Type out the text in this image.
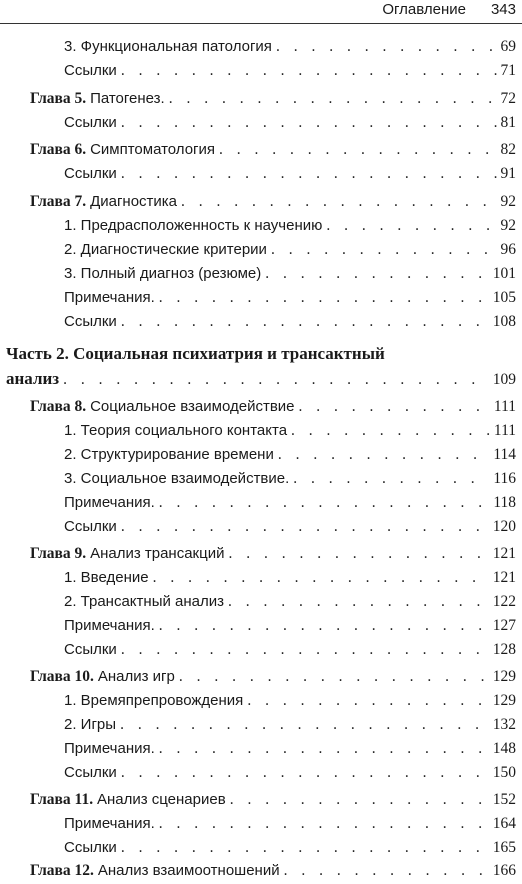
Оглавление 343
3. Функциональная патология . . .	69
Ссылки . . .	71
Глава 5. Патогенез. . . .	72
Ссылки . . .	81
Глава 6. Симптоматология . . .	82
Ссылки . . .	91
Глава 7. Диагностика . . .	92
1. Предрасположенность к научению . . .	92
2. Диагностические критерии . . .	96
3. Полный диагноз (резюме) . . .	101
Примечания. . . .	105
Ссылки . . .	108
Часть 2. Социальная психиатрия и трансактный
анализ . . .	109
Глава 8. Социальное взаимодействие . . .	111
1. Теория социального контакта . . .	111
2. Структурирование времени . . .	114
3. Социальное взаимодействие. . . .	116
Примечания. . . .	118
Ссылки . . .	120
Глава 9. Анализ трансакций . . .	121
1. Введение . . .	121
2. Трансактный анализ . . .	122
Примечания. . . .	127
Ссылки . . .	128
Глава 10. Анализ игр . . .	129
1. Времяпрепровождения . . .	129
2. Игры . . .	132
Примечания. . . .	148
Ссылки . . .	150
Глава 11. Анализ сценариев . . .	152
Примечания. . . .	164
Ссылки . . .	165
Глава 12. Анализ взаимоотношений . . .	166
